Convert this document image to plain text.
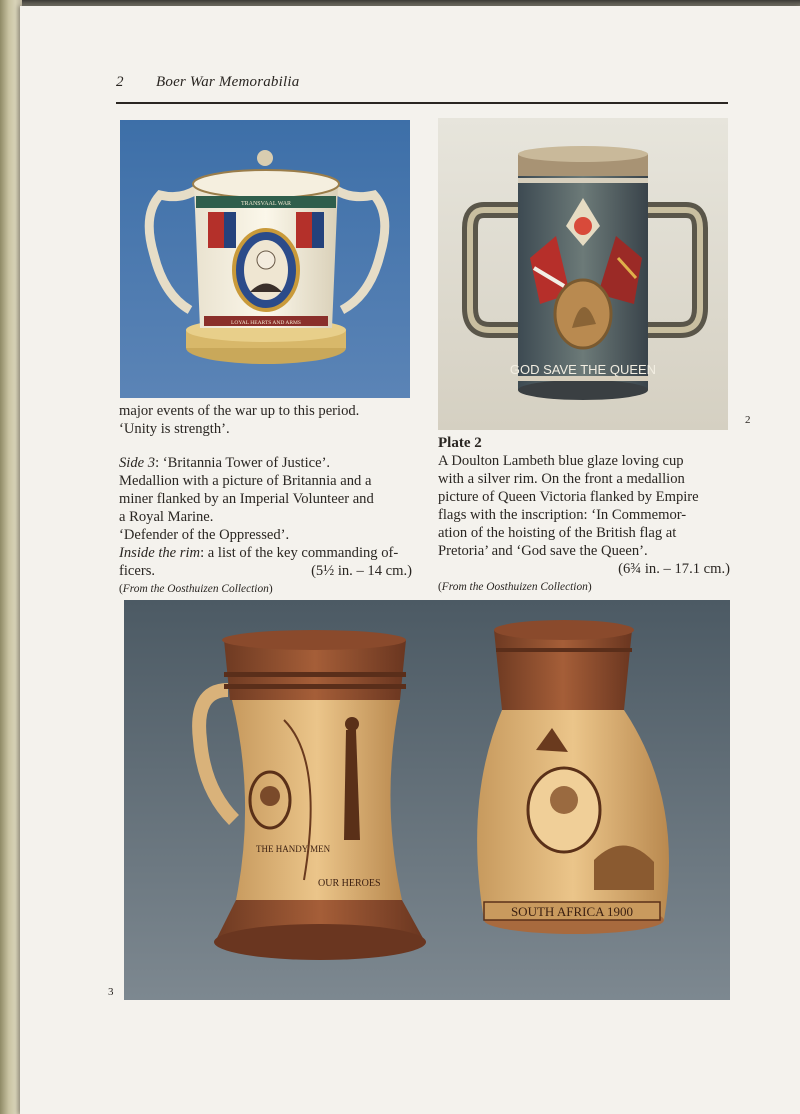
2 Boer War Memorabilia
TRANSVAAL WAR
LOYAL HEARTS AND ARMS
GOD SAVE THE QUEEN
2

major events of the war up to this period.

‘Unity is strength’.

Side 3: ‘Britannia Tower of Justice’.

Medallion with a picture of Britannia and a

miner flanked by an Imperial Volunteer and

a Royal Marine.

‘Defender of the Oppressed’.

Inside the rim: a list of the key commanding of-

ficers.	(5½ in. – 14 cm.)

(From the Oosthuizen Collection)

Plate 2

A Doulton Lambeth blue glaze loving cup

with a silver rim. On the front a medallion

picture of Queen Victoria flanked by Empire

flags with the inscription: ‘In Commemor-

ation of the hoisting of the British flag at

Pretoria’ and ‘God save the Queen’.

(6¾ in. – 17.1 cm.)

(From the Oosthuizen Collection)

THE HANDY MEN
OUR HEROES
SOUTH AFRICA 1900
3
